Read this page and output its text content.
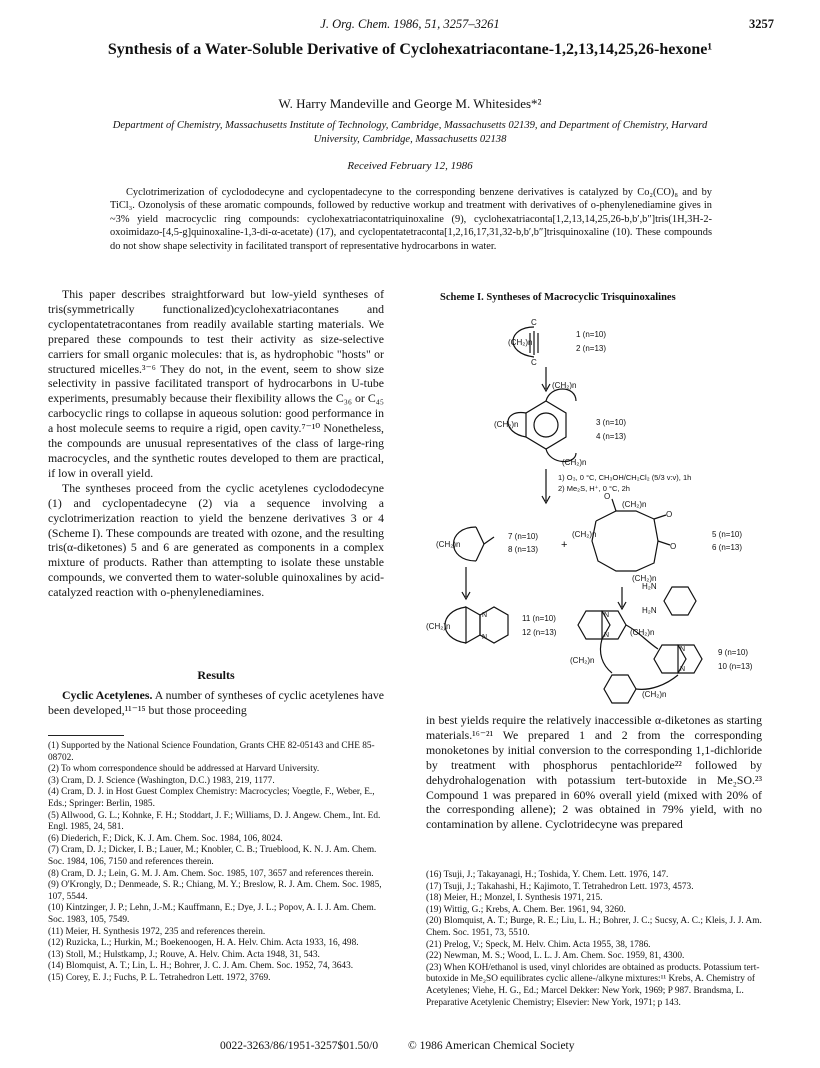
J. Org. Chem. 1986, 51, 3257–3261	3257
Synthesis of a Water-Soluble Derivative of Cyclohexatriacontane-1,2,13,14,25,26-hexone¹
W. Harry Mandeville and George M. Whitesides*²
Department of Chemistry, Massachusetts Institute of Technology, Cambridge, Massachusetts 02139, and Department of Chemistry, Harvard University, Cambridge, Massachusetts 02138
Received February 12, 1986

Cyclotrimerization of cyclododecyne and cyclopentadecyne to the corresponding benzene derivatives is catalyzed by Co₂(CO)₈ and by TiCl₃. Ozonolysis of these aromatic compounds, followed by reductive workup and treatment with derivatives of o-phenylenediamine gives in ~3% yield macrocyclic ring compounds: cyclohexatriacontatriquinoxaline (9), cyclohexatriaconta[1,2,13,14,25,26-b,b′,b″]tris(1H,3H-2-oxoimidazo-[4,5-g]quinoxaline-1,3-di-α-acetate) (17), and cyclopentatetraconta[1,2,16,17,31,32-b,b′,b″]trisquinoxaline (10). These compounds do not show shape selectivity in facilitated transport of representative hydrocarbons in water.

This paper describes straightforward but low-yield syntheses of tris(symmetrically functionalized)cyclohexatriacontanes and cyclopentatetracontanes from readily available starting materials. We prepared these compounds to test their activity as size-selective carriers for small organic molecules: that is, as hydrophobic "hosts" or structured micelles.³⁻⁶ They do not, in the event, seem to show size selectivity in passive facilitated transport of hydrocarbons in U-tube experiments, presumably because their flexibility allows the C₃₆ or C₄₅ carbocyclic rings to collapse in aqueous solution: good performance in a host molecule seems to require a rigid, open cavity.⁷⁻¹⁰ Nonetheless, the compounds are unusual representatives of the class of large-ring macrocycles, and the synthetic routes developed to them are practical, if low in overall yield.

The syntheses proceed from the cyclic acetylenes cyclododecyne (1) and cyclopentadecyne (2) via a sequence involving a cyclotrimerization reaction to yield the benzene derivatives 3 or 4 (Scheme I). These compounds are treated with ozone, and the resulting tris(α-diketones) 5 and 6 are generated as components in a complex mixture of products. Rather than attempting to isolate these unstable compounds, we converted them to water-soluble quinoxalines by acid-catalyzed reaction with o-phenylenediamines.

Results

Cyclic Acetylenes. A number of syntheses of cyclic acetylenes have been developed,¹¹⁻¹⁵ but those proceeding

(1) Supported by the National Science Foundation, Grants CHE 82-05143 and CHE 85-08702.
(2) To whom correspondence should be addressed at Harvard University.
(3) Cram, D. J. Science (Washington, D.C.) 1983, 219, 1177.
(4) Cram, D. J. in Host Guest Complex Chemistry: Macrocycles; Voegtle, F., Weber, E., Eds.; Springer: Berlin, 1985.
(5) Allwood, G. L.; Kohnke, F. H.; Stoddart, J. F.; Williams, D. J. Angew. Chem., Int. Ed. Engl. 1985, 24, 581.
(6) Diederich, F.; Dick, K. J. Am. Chem. Soc. 1984, 106, 8024.
(7) Cram, D. J.; Dicker, I. B.; Lauer, M.; Knobler, C. B.; Trueblood, K. N. J. Am. Chem. Soc. 1984, 106, 7150 and references therein.
(8) Cram, D. J.; Lein, G. M. J. Am. Chem. Soc. 1985, 107, 3657 and references therein.
(9) O'Krongly, D.; Denmeade, S. R.; Chiang, M. Y.; Breslow, R. J. Am. Chem. Soc. 1985, 107, 5544.
(10) Kintzinger, J. P.; Lehn, J.-M.; Kauffmann, E.; Dye, J. L.; Popov, A. I. J. Am. Chem. Soc. 1983, 105, 7549.
(11) Meier, H. Synthesis 1972, 235 and references therein.
(12) Ruzicka, L.; Hurkin, M.; Boekenoogen, H. A. Helv. Chim. Acta 1933, 16, 498.
(13) Stoll, M.; Hulstkamp, J.; Rouve, A. Helv. Chim. Acta 1948, 31, 543.
(14) Blomquist, A. T.; Lin, L. H.; Bohrer, J. C. J. Am. Chem. Soc. 1952, 74, 3643.
(15) Corey, E. J.; Fuchs, P. L. Tetrahedron Lett. 1972, 3769.
Scheme I. Syntheses of Macrocyclic Trisquinoxalines
(CH₂)n
C
C
1 (n=10)
2 (n=13)
(CH₂)n
(CH₂)n
(CH₂)n
3 (n=10)
4 (n=13)
1) O₃, 0 °C, CH₃OH/CH₂Cl₂ (5/3 v:v), 1h
2) Me₂S, H⁺, 0 °C, 2h
(CH₂)n
7 (n=10)
8 (n=13) +
O
O
O
(CH₂)n
(CH₂)n
(CH₂)n
5 (n=10)
6 (n=13)
H₂N
H₂N
N
N
(CH₂)n
11 (n=10)
12 (n=13)
N
N
N
N
(CH₂)n
(CH₂)n
(CH₂)n
9 (n=10)
10 (n=13)

in best yields require the relatively inaccessible α-diketones as starting materials.¹⁶⁻²¹ We prepared 1 and 2 from the corresponding monoketones by initial conversion to the corresponding 1,1-dichloride by treatment with phosphorus pentachloride²² followed by dehydrohalogenation with potassium tert-butoxide in Me₂SO.²³ Compound 1 was prepared in 60% overall yield (mixed with 20% of the corresponding allene); 2 was obtained in 79% yield, with no contamination by allene. Cyclotridecyne was prepared

(16) Tsuji, J.; Takayanagi, H.; Toshida, Y. Chem. Lett. 1976, 147.
(17) Tsuji, J.; Takahashi, H.; Kajimoto, T. Tetrahedron Lett. 1973, 4573.
(18) Meier, H.; Monzel, I. Synthesis 1971, 215.
(19) Wittig, G.; Krebs, A. Chem. Ber. 1961, 94, 3260.
(20) Blomquist, A. T.; Burge, R. E.; Liu, L. H.; Bohrer, J. C.; Sucsy, A. C.; Kleis, J. J. Am. Chem. Soc. 1951, 73, 5510.
(21) Prelog, V.; Speck, M. Helv. Chim. Acta 1955, 38, 1786.
(22) Newman, M. S.; Wood, L. L. J. Am. Chem. Soc. 1959, 81, 4300.
(23) When KOH/ethanol is used, vinyl chlorides are obtained as products. Potassium tert-butoxide in Me₂SO equilibrates cyclic allene-/alkyne mixtures:¹¹ Krebs, A. Chemistry of Acetylenes; Viehe, H. G., Ed.; Marcel Dekker: New York, 1969; P 987. Brandsma, L. Preparative Acetylenic Chemistry; Elsevier: New York, 1971; p 143.
0022-3263/86/1951-3257$01.50/0	© 1986 American Chemical Society
